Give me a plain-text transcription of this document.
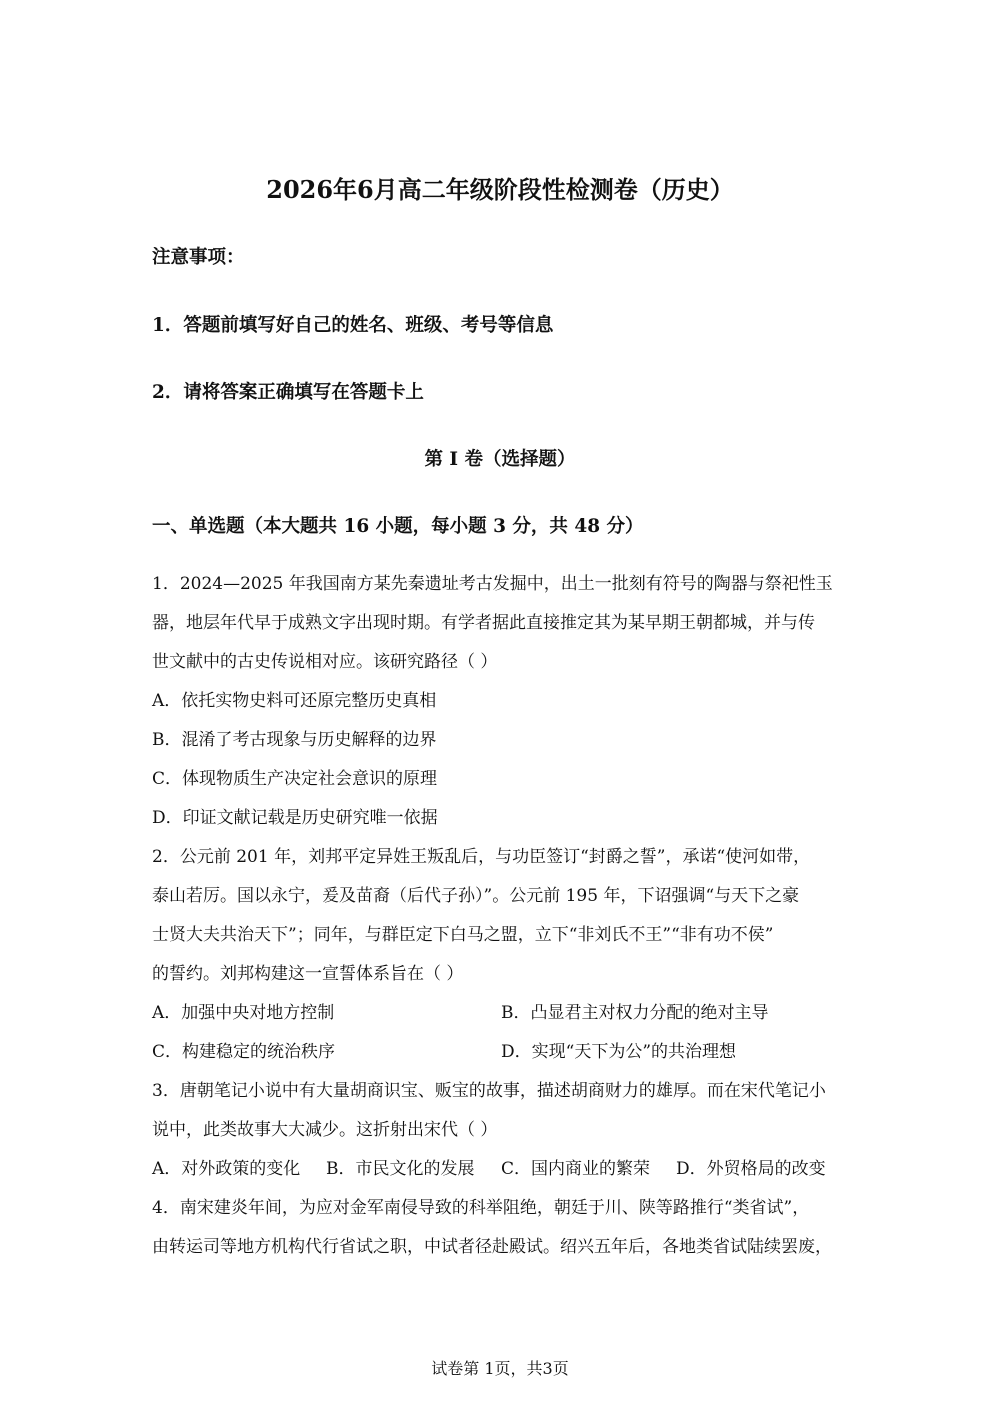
2026年6月高二年级阶段性检测卷（历史）
注意事项：
1．答题前填写好自己的姓名、班级、考号等信息
2．请将答案正确填写在答题卡上
第 I 卷（选择题）
一、单选题（本大题共 16 小题，每小题 3 分，共 48 分）
1．2024—2025 年我国南方某先秦遗址考古发掘中，出土一批刻有符号的陶器与祭祀性玉
器，地层年代早于成熟文字出现时期。有学者据此直接推定其为某早期王朝都城，并与传
世文献中的古史传说相对应。该研究路径（ ）
A．依托实物史料可还原完整历史真相
B．混淆了考古现象与历史解释的边界
C．体现物质生产决定社会意识的原理
D．印证文献记载是历史研究唯一依据
2．公元前 201 年，刘邦平定异姓王叛乱后，与功臣签订“封爵之誓”，承诺“使河如带，
泰山若厉。国以永宁，爰及苗裔（后代子孙）”。公元前 195 年，下诏强调“与天下之豪
士贤大夫共治天下”；同年，与群臣定下白马之盟，立下“非刘氏不王”“非有功不侯”
的誓约。刘邦构建这一宣誓体系旨在（ ）
A．加强中央对地方控制	B．凸显君主对权力分配的绝对主导
C．构建稳定的统治秩序	D．实现“天下为公”的共治理想
3．唐朝笔记小说中有大量胡商识宝、贩宝的故事，描述胡商财力的雄厚。而在宋代笔记小
说中，此类故事大大减少。这折射出宋代（ ）
A．对外政策的变化 B．市民文化的发展 C．国内商业的繁荣 D．外贸格局的改变
4．南宋建炎年间，为应对金军南侵导致的科举阻绝，朝廷于川、陕等路推行“类省试”，
由转运司等地方机构代行省试之职，中试者径赴殿试。绍兴五年后，各地类省试陆续罢废，
试卷第 1页，共3页
